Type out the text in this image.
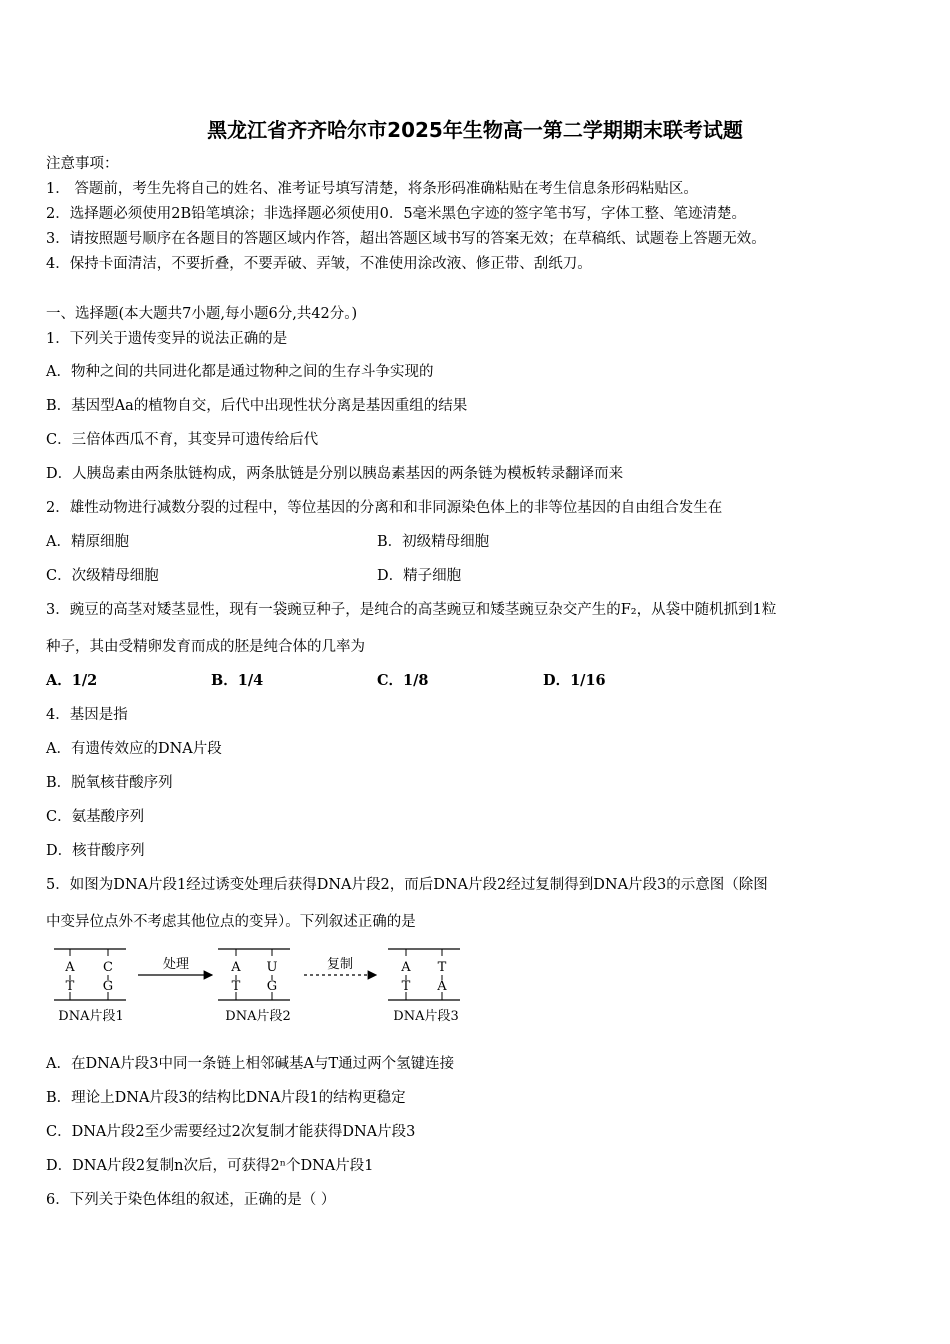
黑龙江省齐齐哈尔市2025年生物高一第二学期期末联考试题
注意事项：
1． 答题前，考生先将自己的姓名、准考证号填写清楚，将条形码准确粘贴在考生信息条形码粘贴区。
2．选择题必须使用2B铅笔填涂；非选择题必须使用0．5毫米黑色字迹的签字笔书写，字体工整、笔迹清楚。
3．请按照题号顺序在各题目的答题区域内作答，超出答题区域书写的答案无效；在草稿纸、试题卷上答题无效。
4．保持卡面清洁，不要折叠，不要弄破、弄皱，不准使用涂改液、修正带、刮纸刀。
一、选择题(本大题共7小题,每小题6分,共42分。)
1．下列关于遗传变异的说法正确的是
A．物种之间的共同进化都是通过物种之间的生存斗争实现的
B．基因型Aa的植物自交，后代中出现性状分离是基因重组的结果
C．三倍体西瓜不育，其变异可遗传给后代
D．人胰岛素由两条肽链构成，两条肽链是分别以胰岛素基因的两条链为模板转录翻译而来
2．雄性动物进行减数分裂的过程中，等位基因的分离和和非同源染色体上的非等位基因的自由组合发生在
A．精原细胞	B．初级精母细胞
C．次级精母细胞	D．精子细胞
3．豌豆的高茎对矮茎显性，现有一袋豌豆种子，是纯合的高茎豌豆和矮茎豌豆杂交产生的F₂，从袋中随机抓到1粒
种子，其由受精卵发育而成的胚是纯合体的几率为
A．1/2	B．1/4	C．1/8	D．1/16
4．基因是指
A．有遗传效应的DNA片段
B．脱氧核苷酸序列
C．氨基酸序列
D．核苷酸序列
5．如图为DNA片段1经过诱变处理后获得DNA片段2，而后DNA片段2经过复制得到DNA片段3的示意图（除图
中变异位点外不考虑其他位点的变异）。下列叙述正确的是
A C
T G
DNA片段1
处理	A U
T G
DNA片段2
复制	A T
T A
DNA片段3
A．在DNA片段3中同一条链上相邻碱基A与T通过两个氢键连接
B．理论上DNA片段3的结构比DNA片段1的结构更稳定
C．DNA片段2至少需要经过2次复制才能获得DNA片段3
D．DNA片段2复制n次后，可获得2ⁿ个DNA片段1
6．下列关于染色体组的叙述，正确的是（ ）
